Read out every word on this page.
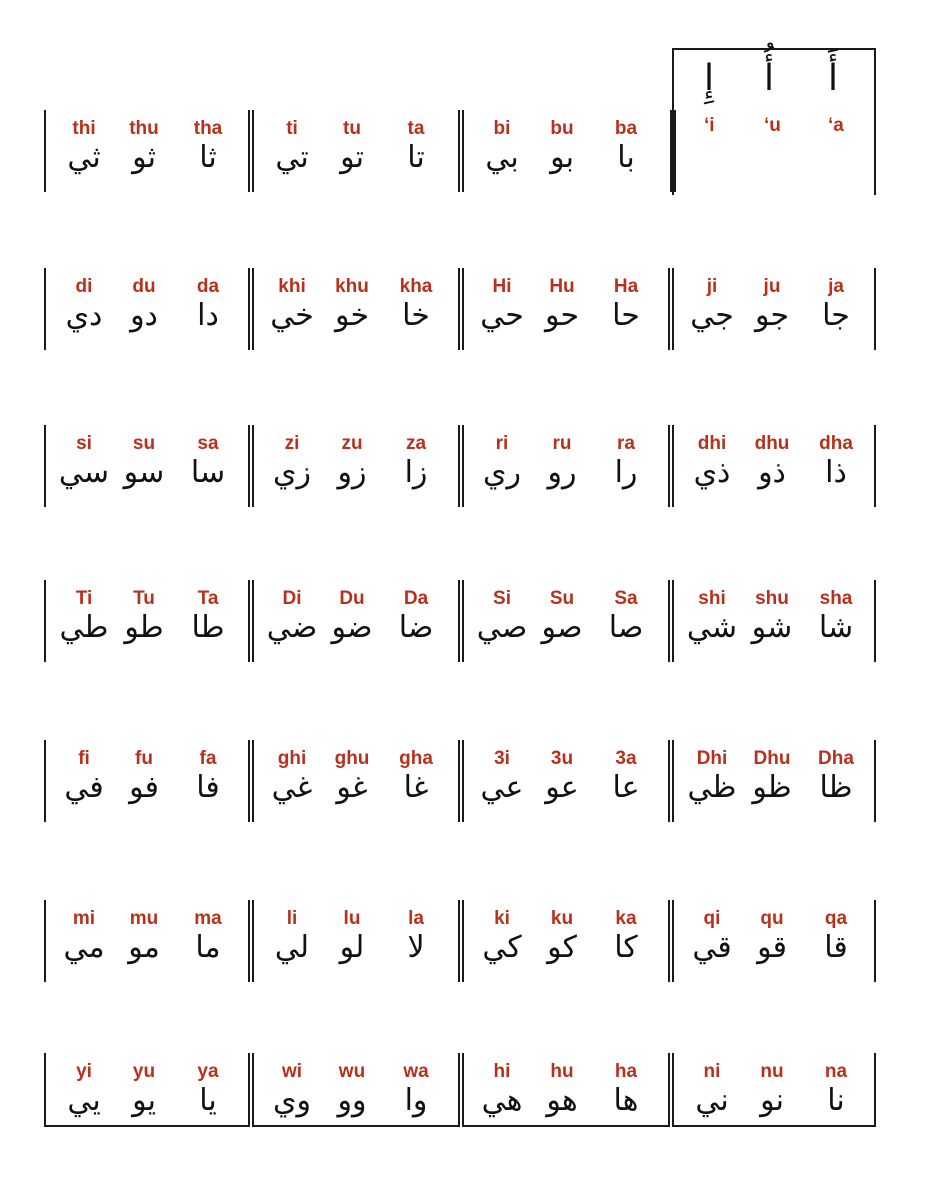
thi thu tha
ثي ثو ثا
ti tu ta
تي تو تا
bi bu ba
بي بو با
di du da
دي دو دا
khi khu kha
خي خو خا
Hi Hu Ha
حي حو حا
ji ju	ja
جي جو جا
si su sa
سي سو سا
zi zu za
زي زو زا
ri ru ra
ري رو را
dhi dhu dha
ذي ذو ذا
Ti Tu Ta
طي طو طا
Di Du Da
ضي ضو ضا
Si Su Sa
صي صو صا
shi shu sha
شي شو شا
fi fu fa
في فو فا
ghi ghu gha
غي غو غا
3i 3u 3a
عي عو عا
Dhi Dhu Dha
ظي ظو ظا
mi mu ma
مي مو ما
li lu	la
لي لو لا
ki ku ka
كي كو كا
qi qu qa
قي قو قا
yi yu ya
يي يو يا
wi wu wa
وي وو وا
hi hu ha
هي هو ها
ni nu na
ني نو نا
إِ
‘i
أُ
‘u
أَ
‘a
